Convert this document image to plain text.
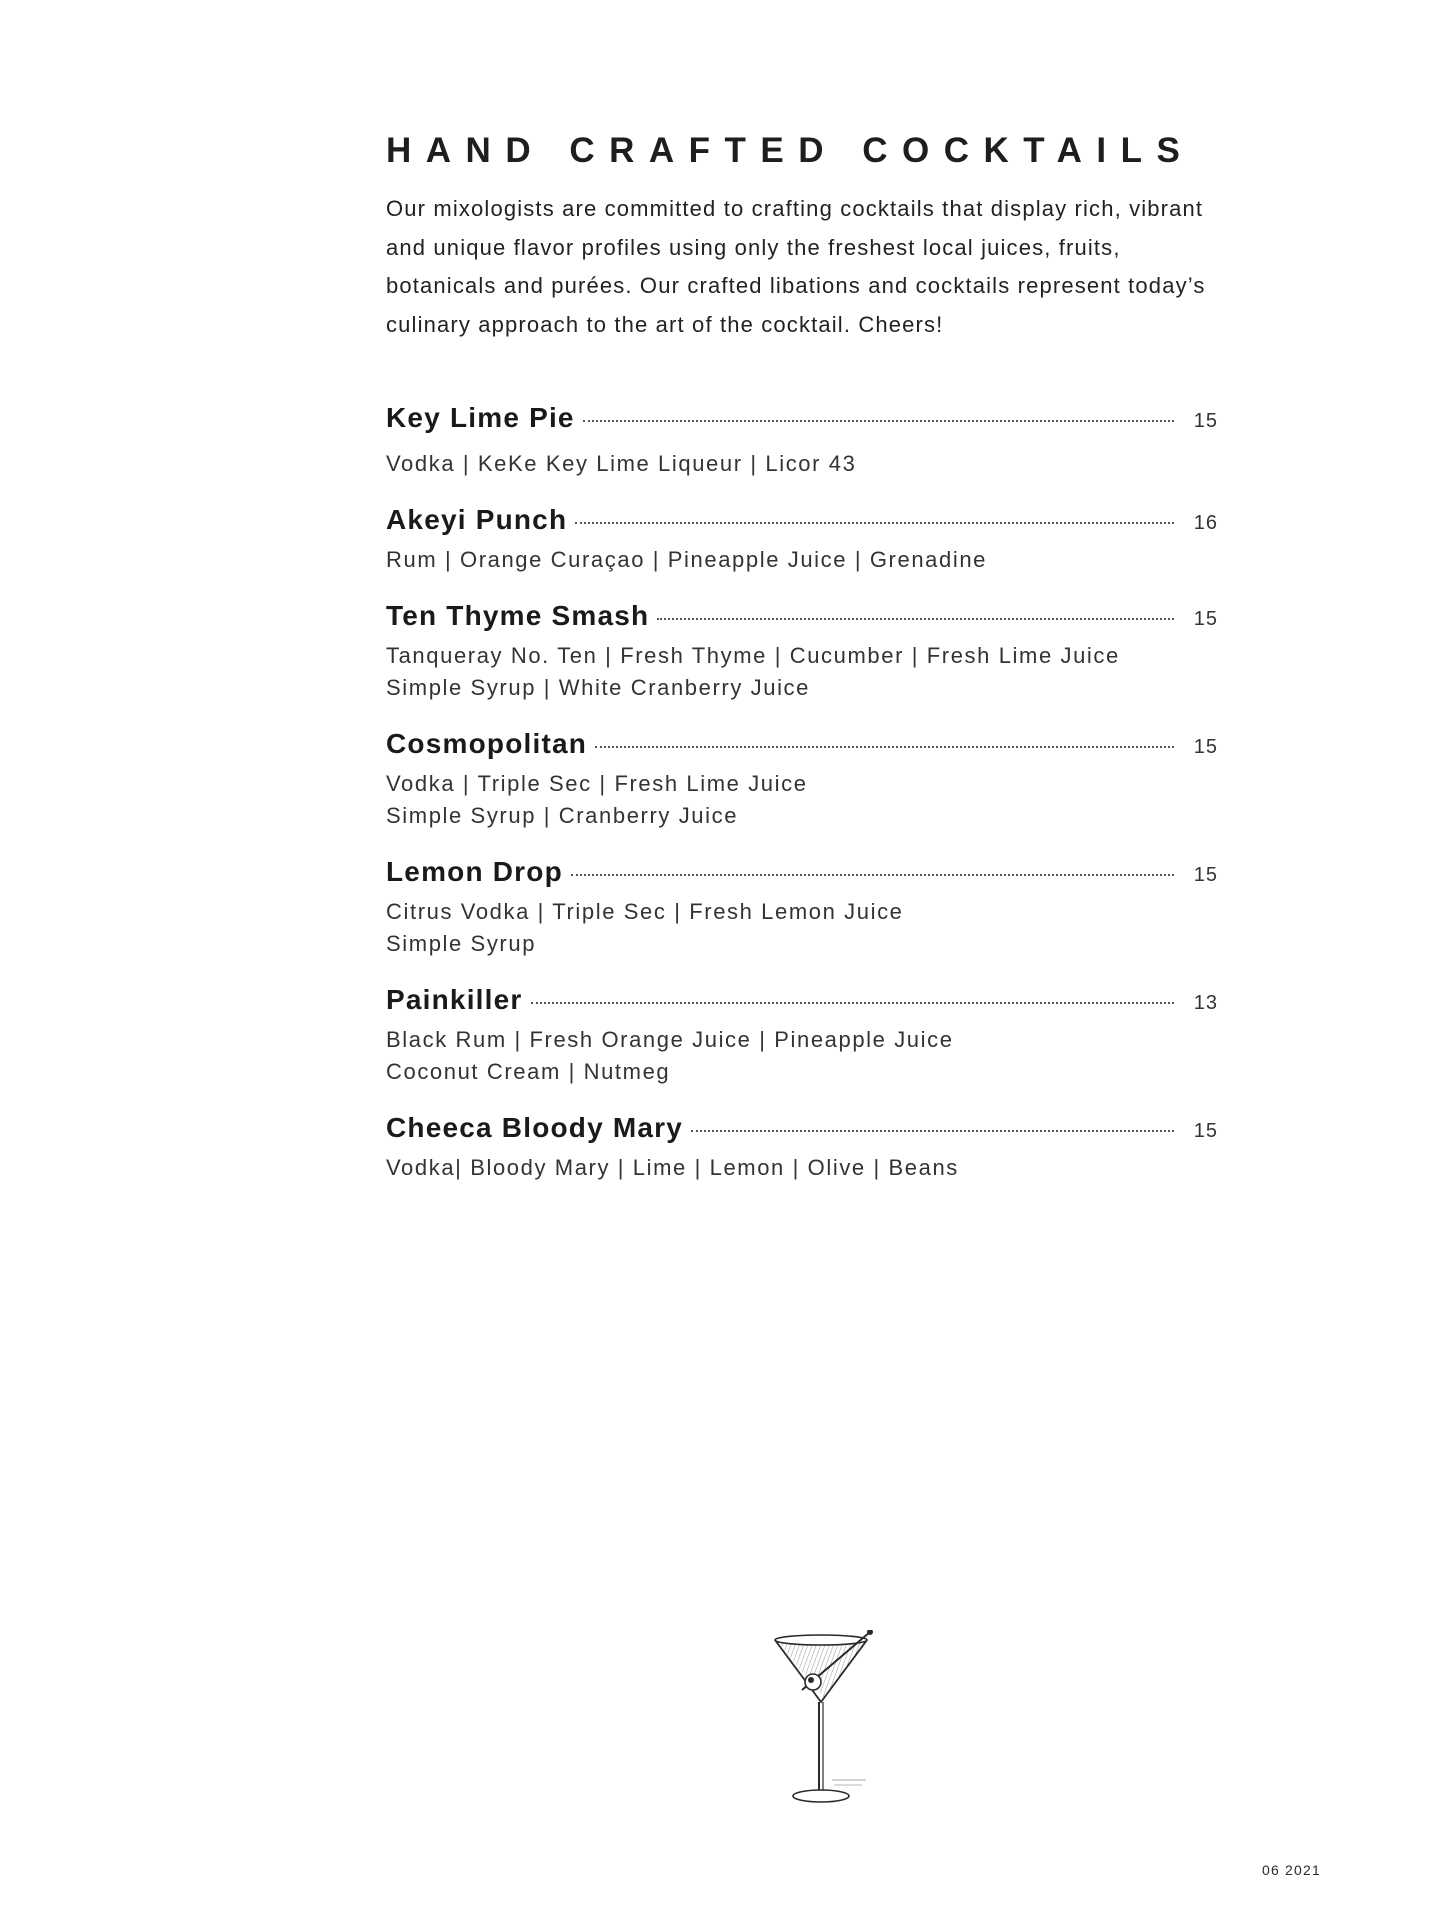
HAND CRAFTED COCKTAILS

Our mixologists are committed to crafting cocktails that display rich, vibrant and unique flavor profiles using only the freshest local juices, fruits, botanicals and purées. Our crafted libations and cocktails represent today’s culinary approach to the art of the cocktail. Cheers!

Key Lime Pie	15
Vodka | KeKe Key Lime Liqueur | Licor 43
Akeyi Punch	16
Rum | Orange Curaçao | Pineapple Juice | Grenadine
Ten Thyme Smash	15
Tanqueray No. Ten | Fresh Thyme | Cucumber | Fresh Lime Juice
Simple Syrup | White Cranberry Juice
Cosmopolitan	15
Vodka | Triple Sec | Fresh Lime Juice
Simple Syrup | Cranberry Juice
Lemon Drop	15
Citrus Vodka | Triple Sec | Fresh Lemon Juice
Simple Syrup
Painkiller	13
Black Rum | Fresh Orange Juice | Pineapple Juice
Coconut Cream | Nutmeg
Cheeca Bloody Mary	15
Vodka| Bloody Mary | Lime | Lemon | Olive | Beans
06 2021
